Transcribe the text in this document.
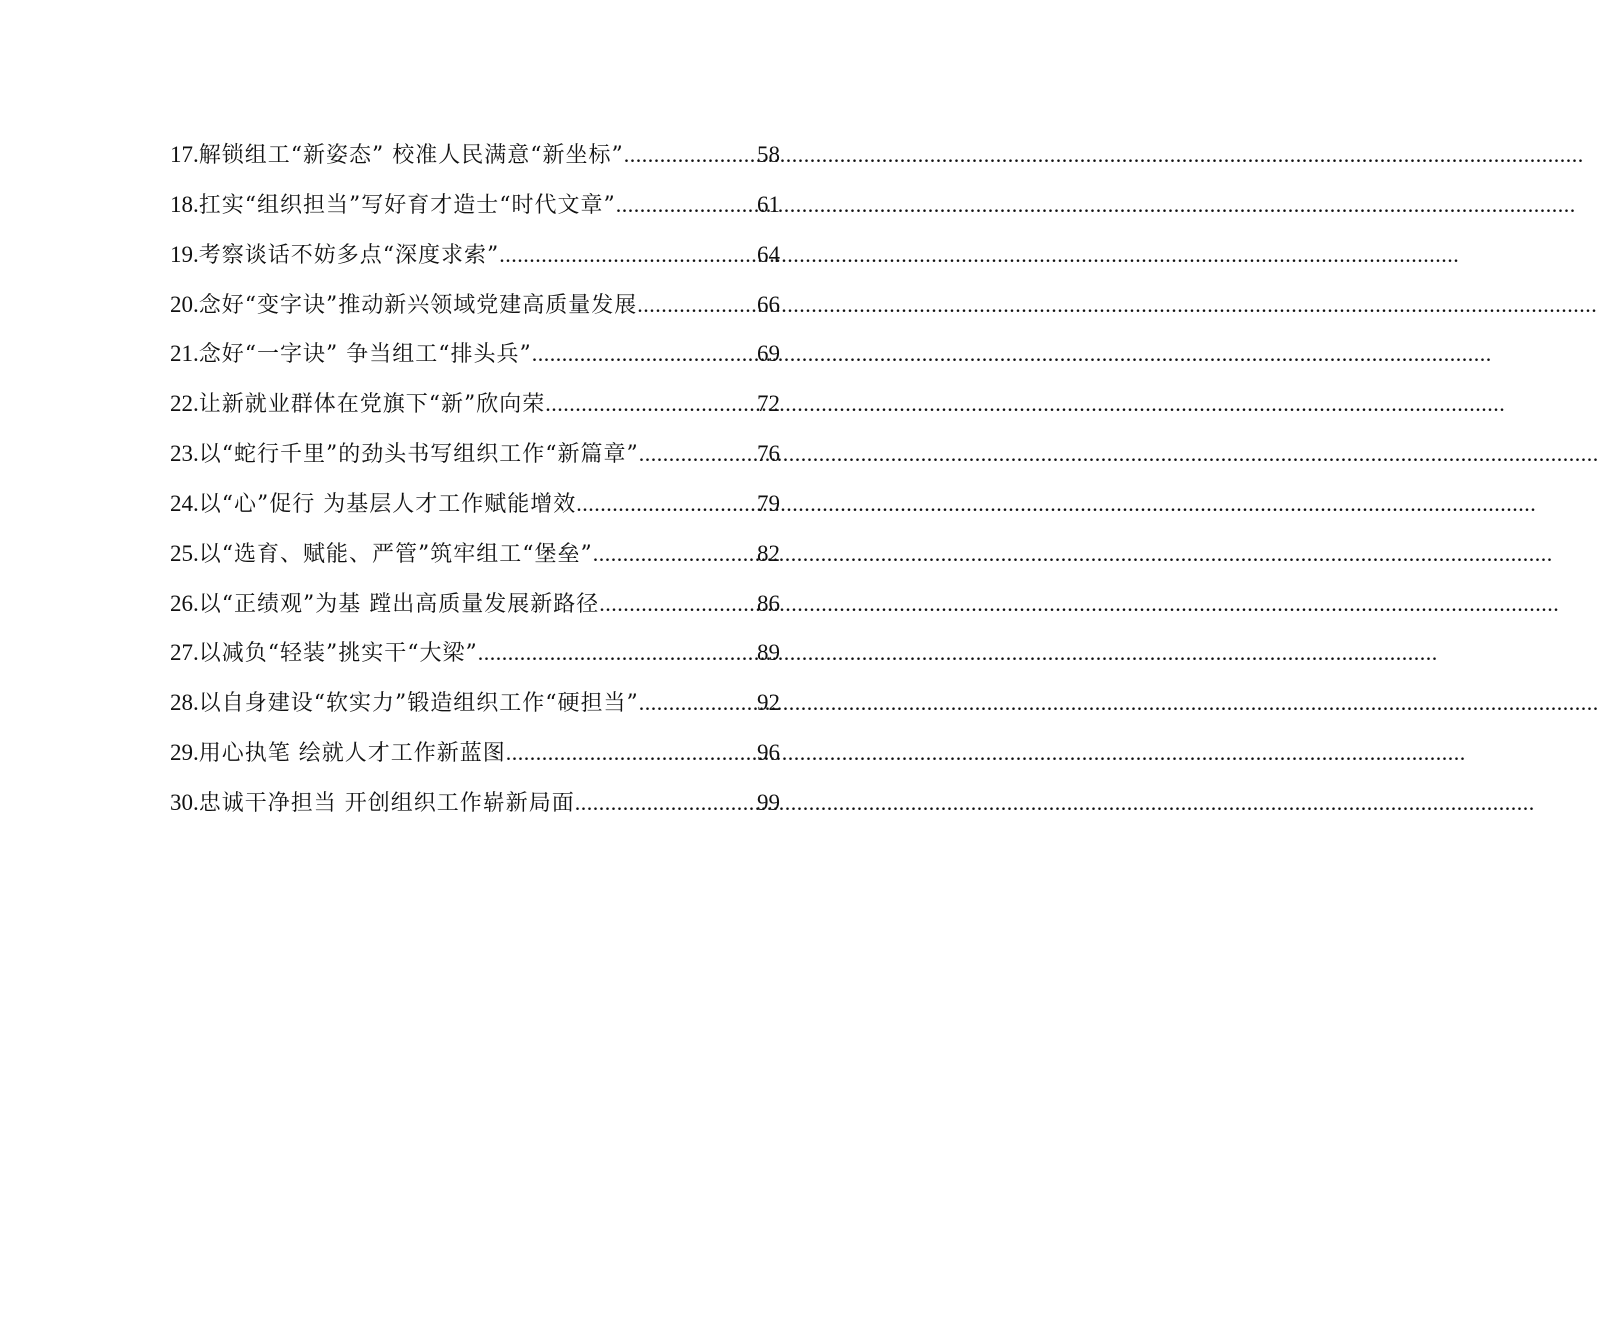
17. 解锁组工“新姿态” 校准人民满意“新坐标” .....	58
18. 扛实“组织担当”写好育才造士“时代文章” .....	61
19. 考察谈话不妨多点“深度求索” .....	64
20. 念好“变字诀”推动新兴领域党建高质量发展 .....	66
21. 念好“一字诀” 争当组工“排头兵” .....	69
22. 让新就业群体在党旗下“新”欣向荣 .....	72
23. 以“蛇行千里”的劲头书写组织工作“新篇章” .....	76
24. 以“心”促行 为基层人才工作赋能增效 .....	79
25. 以“选育、赋能、严管”筑牢组工“堡垒” .....	82
26. 以“正绩观”为基 蹚出高质量发展新路径 .....	86
27. 以减负“轻装”挑实干“大梁” .....	89
28. 以自身建设“软实力”锻造组织工作“硬担当” .....	92
29. 用心执笔 绘就人才工作新蓝图 .....	96
30. 忠诚干净担当 开创组织工作崭新局面 .....	99
